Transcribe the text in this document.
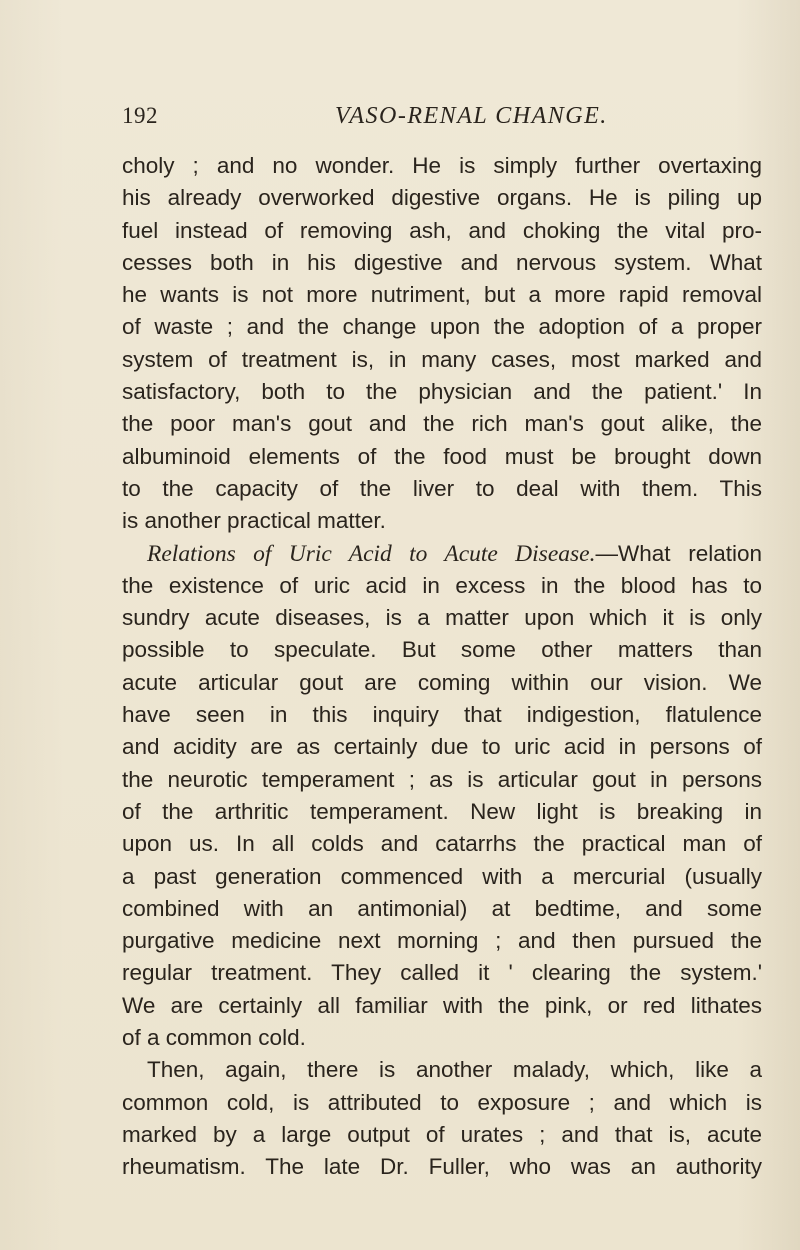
192	VASO-RENAL CHANGE.
choly ; and no wonder. He is simply further overtaxing
his already overworked digestive organs. He is piling up
fuel instead of removing ash, and choking the vital pro-
cesses both in his digestive and nervous system. What
he wants is not more nutriment, but a more rapid removal
of waste ; and the change upon the adoption of a proper
system of treatment is, in many cases, most marked and
satisfactory, both to the physician and the patient.' In
the poor man's gout and the rich man's gout alike, the
albuminoid elements of the food must be brought down
to the capacity of the liver to deal with them. This
is another practical matter.
Relations of Uric Acid to Acute Disease.—What relation
the existence of uric acid in excess in the blood has to
sundry acute diseases, is a matter upon which it is only
possible to speculate. But some other matters than
acute articular gout are coming within our vision. We
have seen in this inquiry that indigestion, flatulence
and acidity are as certainly due to uric acid in persons of
the neurotic temperament ; as is articular gout in persons
of the arthritic temperament. New light is breaking in
upon us. In all colds and catarrhs the practical man of
a past generation commenced with a mercurial (usually
combined with an antimonial) at bedtime, and some
purgative medicine next morning ; and then pursued the
regular treatment. They called it ' clearing the system.'
We are certainly all familiar with the pink, or red lithates
of a common cold.
Then, again, there is another malady, which, like a
common cold, is attributed to exposure ; and which is
marked by a large output of urates ; and that is, acute
rheumatism. The late Dr. Fuller, who was an authority
